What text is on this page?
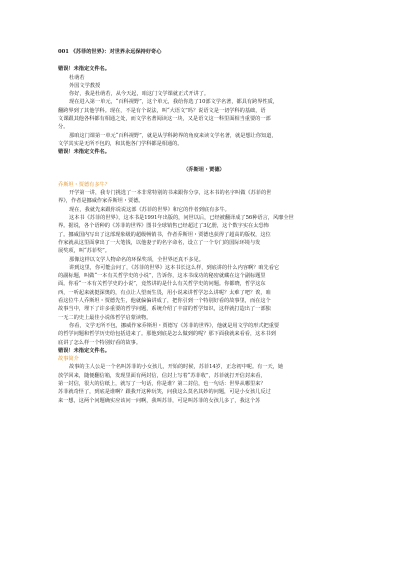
001 《苏菲的世界》：对世界永远保持好奇心

错误！未指定文件名。

杜萌若

外国文学教授

你好，我是杜萌若，从今天起，咱这门文学课就正式开讲了。

现在进入第一单元，“百科视野”，这个单元，我给你选了10部文学名著，都具有跨界性质，

翻跨界到了其他学科。现在，不是有个说法，叫“大语文”吗？说语文是一切学科的基础，语

文课跟其他各科都有相通之处，而文学名著阅读这一块，又是语文这一科里面相当重要的一部

分。

那咱这门课第一单元“百科视野”，就是从学科跨界的角度来读文学名著，就是想让你知道，

文学其实是无所不包的，和其他各门学科都是相通的。

错误！未指定文件名。

（乔斯坦・贾德）

乔斯坦・贾德有多牛？

开学第一讲，我专门挑选了一本非常特别的书来跟你分享，这本书的名字叫做《苏菲的世

界》，作者是挪威作家乔斯坦・贾德。

现在，我就先来跟你说说这部《苏菲的世界》和它的作者到底有多牛。

这本书《苏菲的世界》，这本书是1991年出版的，问世以后，已经被翻译成了56种语言，风靡全世

界。据说，各个语种的《苏菲的世界》图书全球销售已经超过了3亿册，这个数字实在太恐怖

了。挪威国内写出了这部现象级的超级畅销书，作者乔斯坦・贾德也获得了超高的版权，这位

作家就从这里面拿出了一大笔钱，以他妻子的名字命名，设立了一个专门的国际环境与发

展奖项，叫“苏菲奖”。

那像这样以文学人物命名的环保奖项，全世界还真不多见。

讲到这里，你可能会问了，《苏菲的世界》这本书长这么样，到底讲的什么内容啊？咱先看它

的副标题，叫做“一本有关哲学史的小说”，告诉你，这本书成功的秘密就藏在这个副标题里

面。你看“一本有关哲学史的小说”，竟然讲的是什么有关哲学史的问题。你都晓，哲学这东

西，一听起来就挺深奥的，有点让人望而生畏，用小说来讲哲学怎么讲呢？太难了吧？诶，咱

看这位牛人乔斯坦・贾德先生，他就偏偏讲成了，把你引到一个特别好看的故事里，而在这个

故事当中，埋下了许多重要的哲学问题，系统介绍了丰富的哲学知识，这样就打造出了一部独

一无二的史上最佳小说体哲学启蒙读物。

你看，文学无所不包，挪威作家乔斯坦・贾德写《苏菲的世界》，他就是用文学的形式把重要

的哲学问题和哲学历史给包括进来了。那他到底是怎么做到的呢？那下面我就来看看，这本书到

底讲了怎么样一个特别好看的故事。

错误！未指定文件名。

故事简介

故事的主人公是一个名叫苏菲的小女孩儿，开始的时候，苏菲14岁，正念初中呢。有一天，她

放学回来，随便翻信箱，发现里面有两封信，信封上写着“苏菲收”，苏菲就打开信封来看，

第一封信，很大的信纸上，就写了一句话，你是谁？第二封信，也一句话：世界从哪里来？

苏菲就奇怪了，到底是谁啊？跟我开这种玩笑，问我这么莫名其妙的问题，可是小女孩儿反过

来一想，这两个问题确实应该问一问啊，我叫苏菲，可是叫苏菲的女孩儿多了，我这个苏
